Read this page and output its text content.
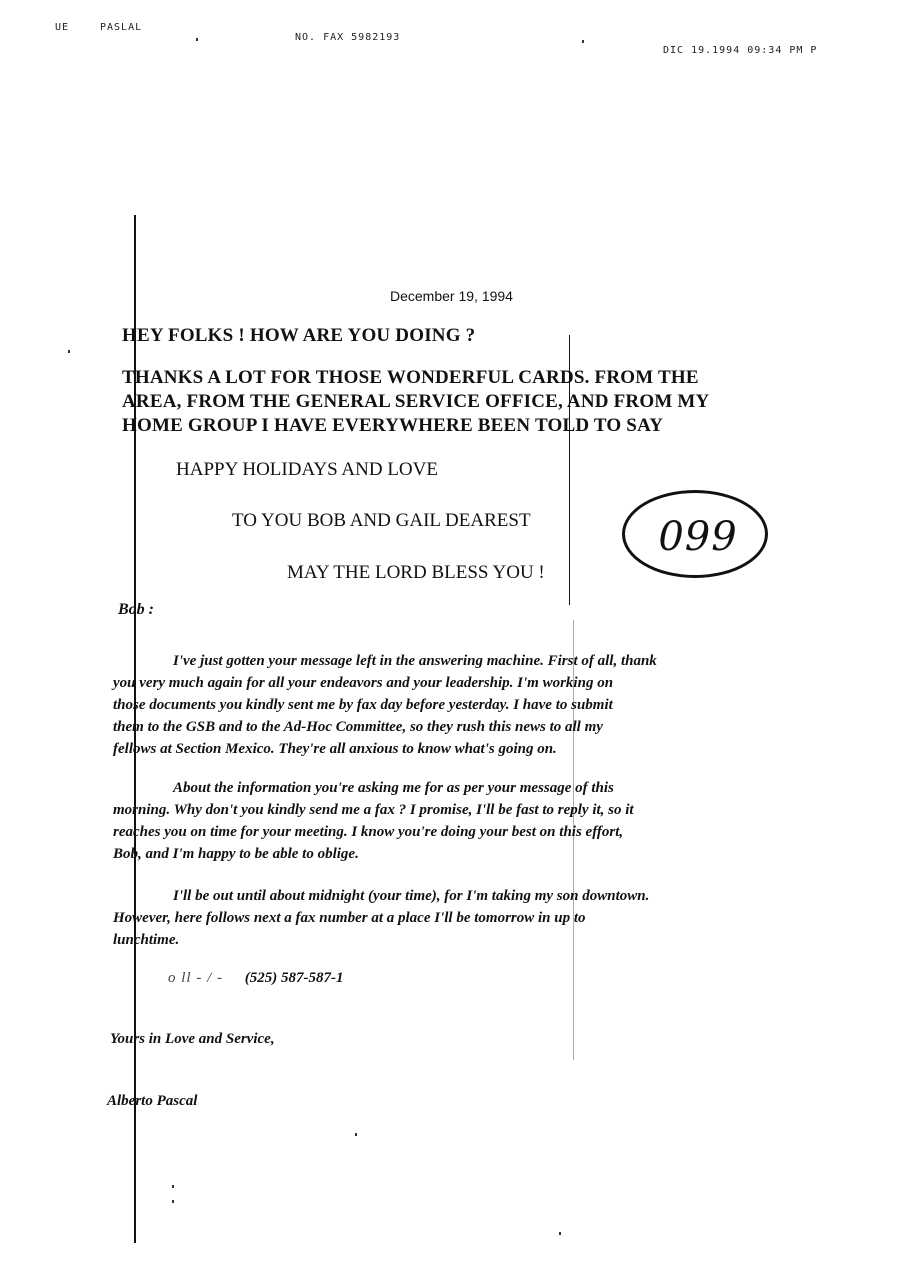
UE	PASLAL
NO. FAX 5982193
DIC 19.1994 09:34 PM P
December 19, 1994
HEY FOLKS ! HOW ARE YOU DOING ?
THANKS A LOT FOR THOSE WONDERFUL CARDS. FROM THE
AREA, FROM THE GENERAL SERVICE OFFICE, AND FROM MY
HOME GROUP I HAVE EVERYWHERE BEEN TOLD TO SAY
HAPPY HOLIDAYS AND LOVE
TO YOU BOB AND GAIL DEAREST
MAY THE LORD BLESS YOU !
099
Bob :
I've just gotten your message left in the answering machine. First of all, thank
you very much again for all your endeavors and your leadership. I'm working on
those documents you kindly sent me by fax day before yesterday. I have to submit
them to the GSB and to the Ad-Hoc Committee, so they rush this news to all my
fellows at Section Mexico. They're all anxious to know what's going on.
About the information you're asking me for as per your message of this
morning. Why don't you kindly send me a fax ? I promise, I'll be fast to reply it, so it
reaches you on time for your meeting. I know you're doing your best on this effort,
Bob, and I'm happy to be able to oblige.
I'll be out until about midnight (your time), for I'm taking my son downtown.
However, here follows next a fax number at a place I'll be tomorrow in up to
lunchtime.
o ll - / - (525) 587-587-1
Yours in Love and Service,
Alberto Pascal
